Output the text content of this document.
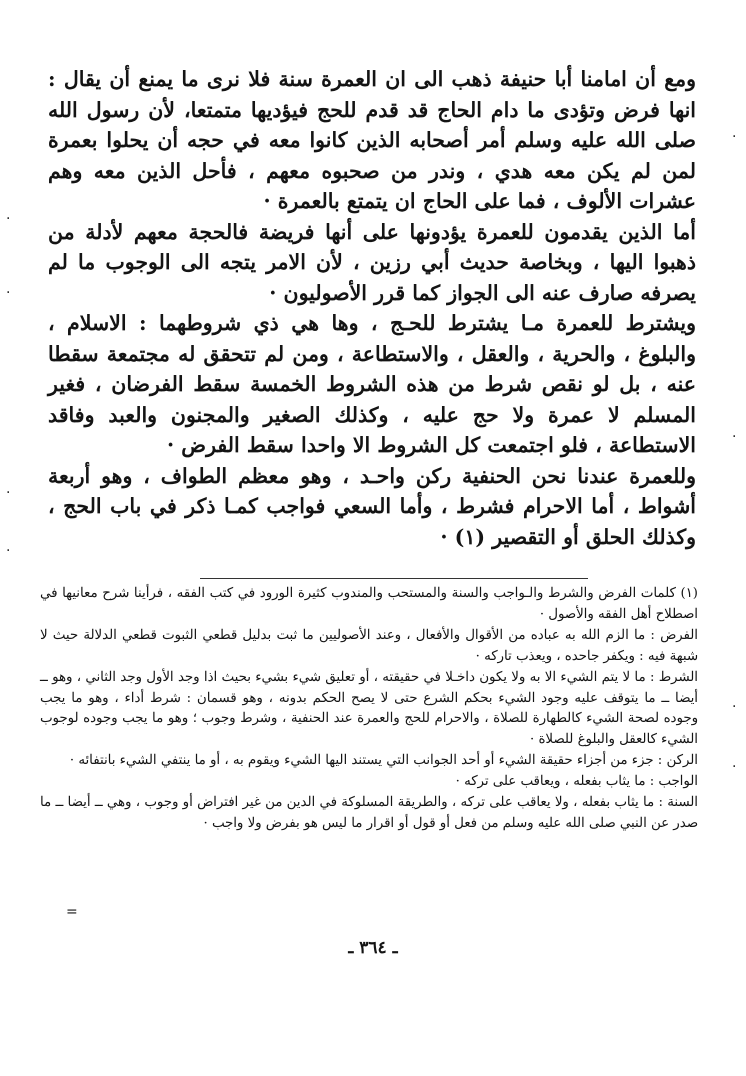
ومع أن امامنا أبا حنيفة ذهب الى ان العمرة سنة فلا نرى ما يمنع أن يقال : انها فرض وتؤدى ما دام الحاج قد قدم للحج فيؤديها متمتعا، لأن رسول الله صلى الله عليه وسلم أمر أصحابه الذين كانوا معه في حجه أن يحلوا بعمرة لمن لم يكن معه هدي ، وندر من صحبوه معهم ، فأحل الذين معه وهم عشرات الألوف ، فما على الحاج ان يتمتع بالعمرة ·

أما الذين يقدمون للعمرة يؤدونها على أنها فريضة فالحجة معهم لأدلة من ذهبوا اليها ، وبخاصة حديث أبي رزين ، لأن الامر يتجه الى الوجوب ما لم يصرفه صارف عنه الى الجواز كما قرر الأصوليون ·

ويشترط للعمرة مـا يشترط للحـج ، وها هي ذي شروطهما : الاسلام ، والبلوغ ، والحرية ، والعقل ، والاستطاعة ، ومن لم تتحقق له مجتمعة سقطا عنه ، بل لو نقص شرط من هذه الشروط الخمسة سقط الفرضان ، فغير المسلم لا عمرة ولا حج عليه ، وكذلك الصغير والمجنون والعبد وفاقد الاستطاعة ، فلو اجتمعت كل الشروط الا واحدا سقط الفرض ·

وللعمرة عندنا نحن الحنفية ركن واحـد ، وهو معظم الطواف ، وهو أربعة أشواط ، أما الاحرام فشرط ، وأما السعي فواجب كمـا ذكر في باب الحج ، وكذلك الحلق أو التقصير (١) ·

(١) كلمات الفرض والشرط والـواجب والسنة والمستحب والمندوب كثيرة الورود في كتب الفقه ، فرأينا شرح معانيها في اصطلاح أهل الفقه والأصول ·

الفرض : ما الزم الله به عباده من الأقوال والأفعال ، وعند الأصوليين ما ثبت بدليل قطعي الثبوت قطعي الدلالة حيث لا شبهة فيه : ويكفر جاحده ، ويعذب تاركه ·

الشرط : ما لا يتم الشيء الا به ولا يكون داخـلا في حقيقته ، أو تعليق شيء بشيء بحيث اذا وجد الأول وجد الثاني ، وهو ــ أيضا ــ ما يتوقف عليه وجود الشيء بحكم الشرع حتى لا يصح الحكم بدونه ، وهو قسمان : شرط أداء ، وهو ما يجب وجوده لصحة الشيء كالطهارة للصلاة ، والاحرام للحج والعمرة عند الحنفية ، وشرط وجوب ؛ وهو ما يجب وجوده لوجوب الشيء كالعقل والبلوغ للصلاة ·

الركن : جزء من أجزاء حقيقة الشيء أو أحد الجوانب التي يستند اليها الشيء ويقوم به ، أو ما ينتفي الشيء بانتفائه ·

الواجب : ما يثاب بفعله ، ويعاقب على تركه ·

السنة : ما يثاب بفعله ، ولا يعاقب على تركه ، والطريقة المسلوكة في الدين من غير افتراض أو وجوب ، وهي ــ أيضا ــ ما صدر عن النبي صلى الله عليه وسلم من فعل أو قول أو اقرار ما ليس هو بفرض ولا واجب ·

=
ـ ٣٦٤ ـ
·
·
·
·
·
·
·
·
